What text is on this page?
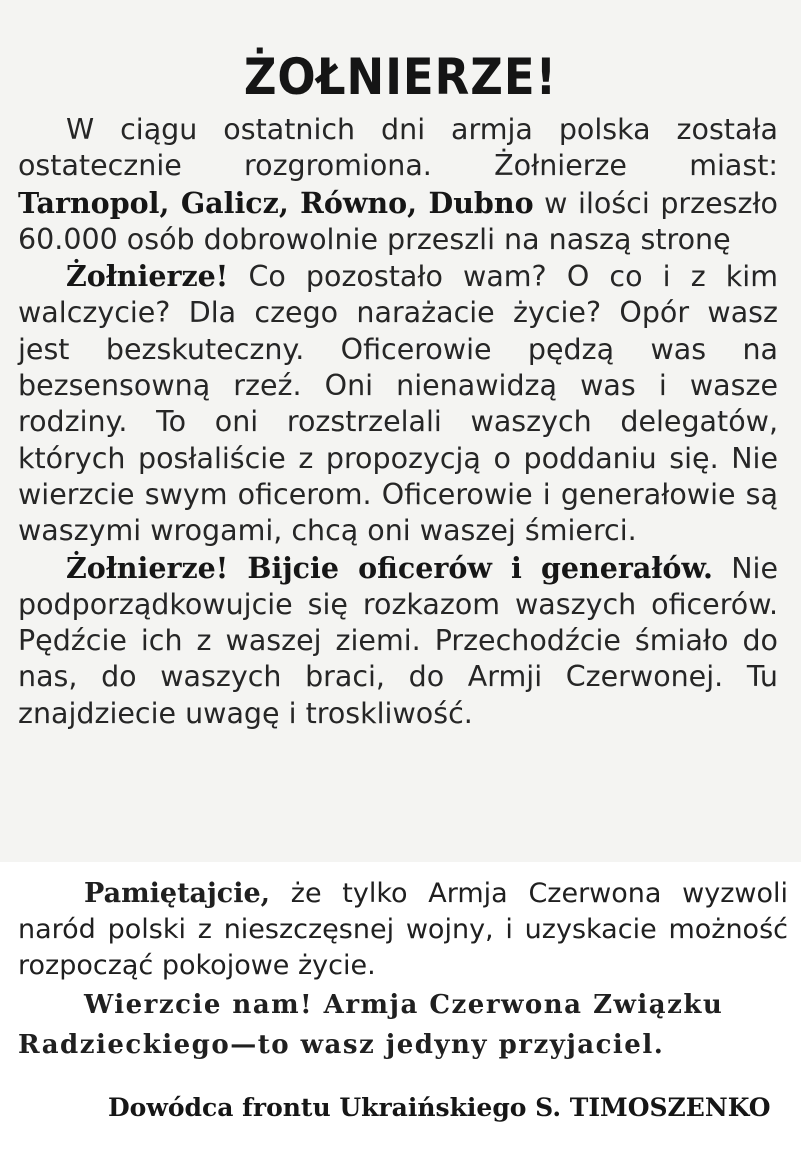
ŻOŁNIERZE!

W ciągu ostatnich dni armja polska została ostatecznie rozgromiona. Żołnierze miast: Tarnopol, Galicz, Równo, Dubno w ilości przeszło 60.000 osób dobrowolnie przeszli na naszą stronę

Żołnierze! Co pozostało wam? O co i z kim walczycie? Dla czego narażacie życie? Opór wasz jest bezskuteczny. Oficerowie pędzą was na bezsensowną rzeź. Oni nienawidzą was i wasze rodziny. To oni rozstrzelali waszych delegatów, których posłaliście z propozycją o poddaniu się. Nie wierzcie swym oficerom. Oficerowie i generałowie są waszymi wrogami, chcą oni waszej śmierci.

Żołnierze! Bijcie oficerów i generałów. Nie podporządkowujcie się rozkazom waszych oficerów. Pędźcie ich z waszej ziemi. Przechodźcie śmiało do nas, do waszych braci, do Armji Czerwonej. Tu znajdziecie uwagę i troskliwość.

Pamiętajcie, że tylko Armja Czerwona wyzwoli naród polski z nieszczęsnej wojny, i uzyskacie możność rozpocząć pokojowe życie.

Wierzcie nam! Armja Czerwona Związku

Radzieckiego—to wasz jedyny przyjaciel.

Dowódca frontu Ukraińskiego S. TIMOSZENKO
